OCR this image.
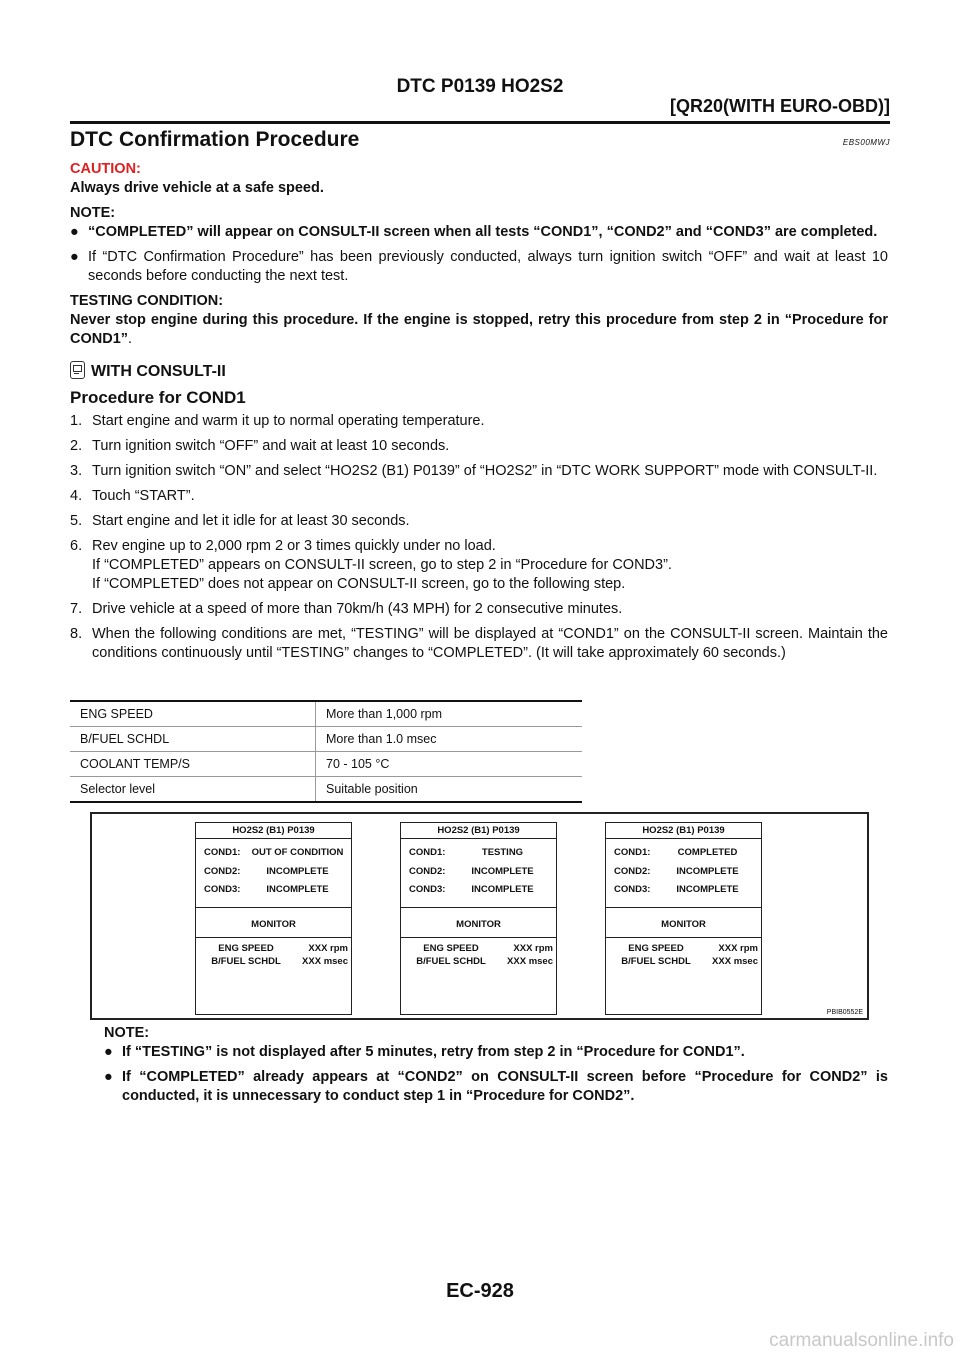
DTC P0139 HO2S2
[QR20(WITH EURO-OBD)]
DTC Confirmation Procedure	EBS00MWJ

CAUTION:

Always drive vehicle at a safe speed.

NOTE:

● “COMPLETED” will appear on CONSULT-II screen when all tests “COND1”, “COND2” and “COND3” are completed.
● If “DTC Confirmation Procedure” has been previously conducted, always turn ignition switch “OFF” and wait at least 10 seconds before conducting the next test.

TESTING CONDITION:

Never stop engine during this procedure. If the engine is stopped, retry this procedure from step 2 in “Procedure for COND1”.

WITH CONSULT-II

Procedure for COND1

1. Start engine and warm it up to normal operating temperature.
2. Turn ignition switch “OFF” and wait at least 10 seconds.
3. Turn ignition switch “ON” and select “HO2S2 (B1) P0139” of “HO2S2” in “DTC WORK SUPPORT” mode with CONSULT-II.
4. Touch “START”.
5. Start engine and let it idle for at least 30 seconds.
6. Rev engine up to 2,000 rpm 2 or 3 times quickly under no load.
If “COMPLETED” appears on CONSULT-II screen, go to step 2 in “Procedure for COND3”.
If “COMPLETED” does not appear on CONSULT-II screen, go to the following step.
7. Drive vehicle at a speed of more than 70km/h (43 MPH) for 2 consecutive minutes.
8. When the following conditions are met, “TESTING” will be displayed at “COND1” on the CONSULT-II screen. Maintain the conditions continuously until “TESTING” changes to “COMPLETED”. (It will take approximately 60 seconds.)
ENG SPEED	More than 1,000 rpm
B/FUEL SCHDL	More than 1.0 msec
COOLANT TEMP/S	70 - 105 °C
Selector level	Suitable position
HO2S2 (B1) P0139
COND1:	OUT OF CONDITION
COND2:	INCOMPLETE
COND3:	INCOMPLETE
MONITOR
ENG SPEED	XXX rpm
B/FUEL SCHDL	XXX msec
HO2S2 (B1) P0139
COND1:	TESTING
COND2:	INCOMPLETE
COND3:	INCOMPLETE
MONITOR
ENG SPEED	XXX rpm
B/FUEL SCHDL	XXX msec
HO2S2 (B1) P0139
COND1:	COMPLETED
COND2:	INCOMPLETE
COND3:	INCOMPLETE
MONITOR
ENG SPEED	XXX rpm
B/FUEL SCHDL	XXX msec
PBIB0552E

NOTE:

● If “TESTING” is not displayed after 5 minutes, retry from step 2 in “Procedure for COND1”.
● If “COMPLETED” already appears at “COND2” on CONSULT-II screen before “Procedure for COND2” is conducted, it is unnecessary to conduct step 1 in “Procedure for COND2”.
EC-928
carmanualsonline.info
